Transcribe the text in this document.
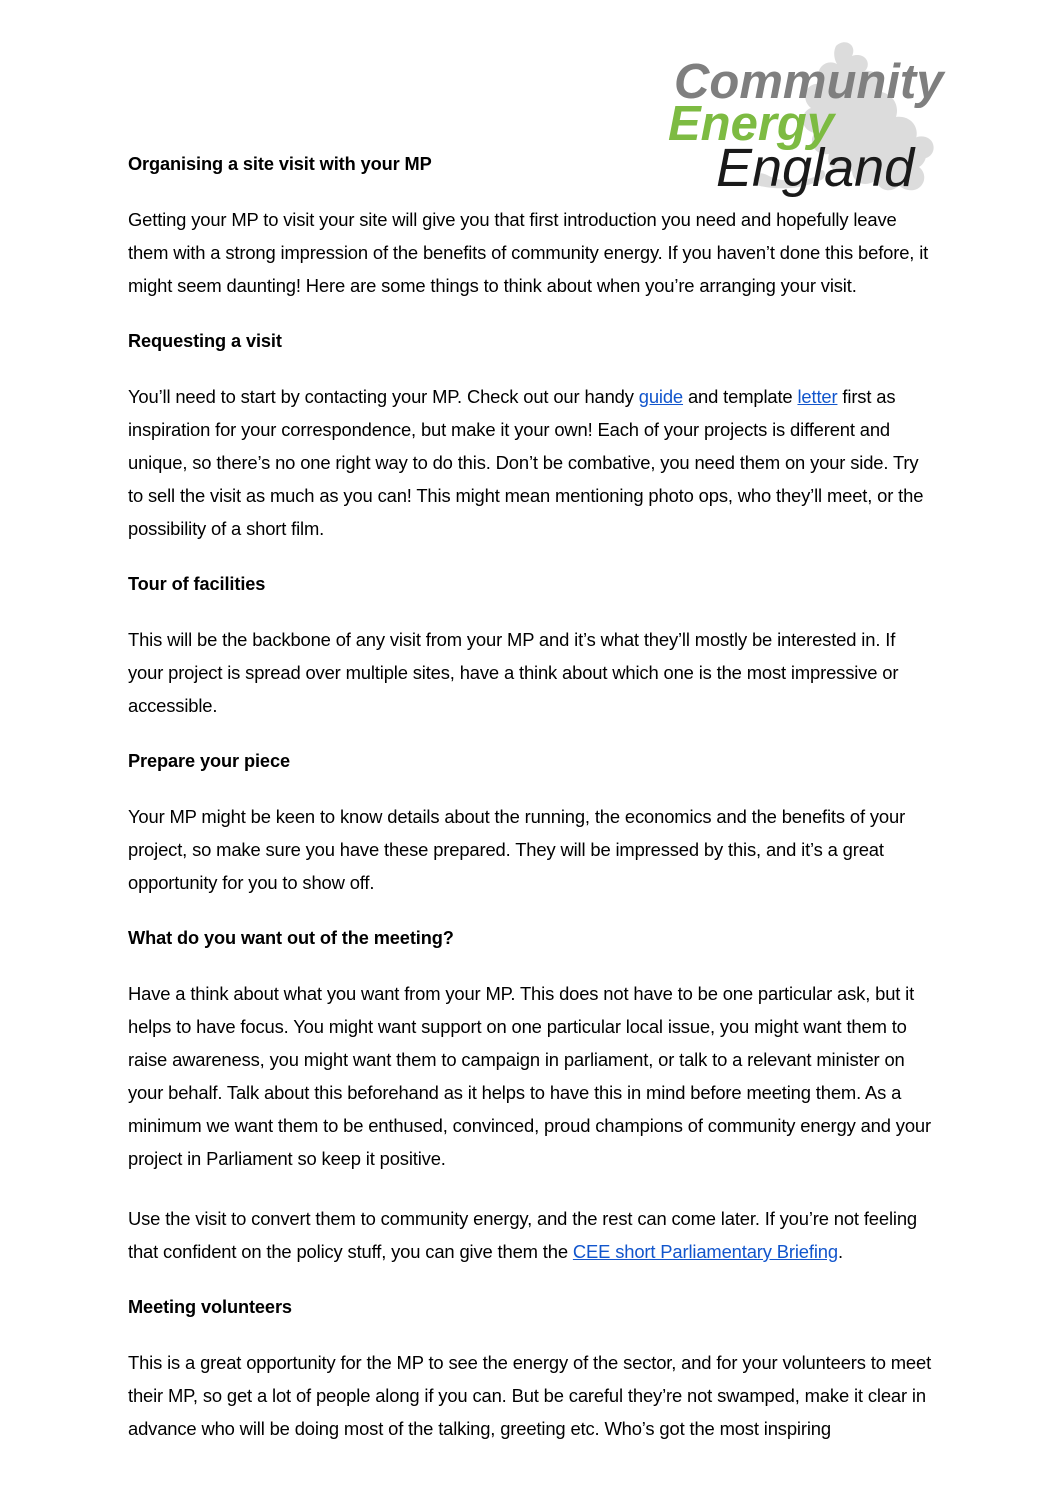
Community
Energy
England
Organising a site visit with your MP

Getting your MP to visit your site will give you that first introduction you need and hopefully leave them with a strong impression of the benefits of community energy. If you haven’t done this before, it might seem daunting! Here are some things to think about when you’re arranging your visit.

Requesting a visit

You’ll need to start by contacting your MP. Check out our handy guide and template letter first as inspiration for your correspondence, but make it your own! Each of your projects is different and unique, so there’s no one right way to do this. Don’t be combative, you need them on your side. Try to sell the visit as much as you can! This might mean mentioning photo ops, who they’ll meet, or the possibility of a short film.

Tour of facilities

This will be the backbone of any visit from your MP and it’s what they’ll mostly be interested in. If your project is spread over multiple sites, have a think about which one is the most impressive or accessible.

Prepare your piece

Your MP might be keen to know details about the running, the economics and the benefits of your project, so make sure you have these prepared. They will be impressed by this, and it’s a great opportunity for you to show off.

What do you want out of the meeting?

Have a think about what you want from your MP. This does not have to be one particular ask, but it helps to have focus. You might want support on one particular local issue, you might want them to raise awareness, you might want them to campaign in parliament, or talk to a relevant minister on your behalf. Talk about this beforehand as it helps to have this in mind before meeting them. As a minimum we want them to be enthused, convinced, proud champions of community energy and your project in Parliament so keep it positive.

Use the visit to convert them to community energy, and the rest can come later. If you’re not feeling that confident on the policy stuff, you can give them the CEE short Parliamentary Briefing.

Meeting volunteers

This is a great opportunity for the MP to see the energy of the sector, and for your volunteers to meet their MP, so get a lot of people along if you can. But be careful they’re not swamped, make it clear in advance who will be doing most of the talking, greeting etc. Who’s got the most inspiring
